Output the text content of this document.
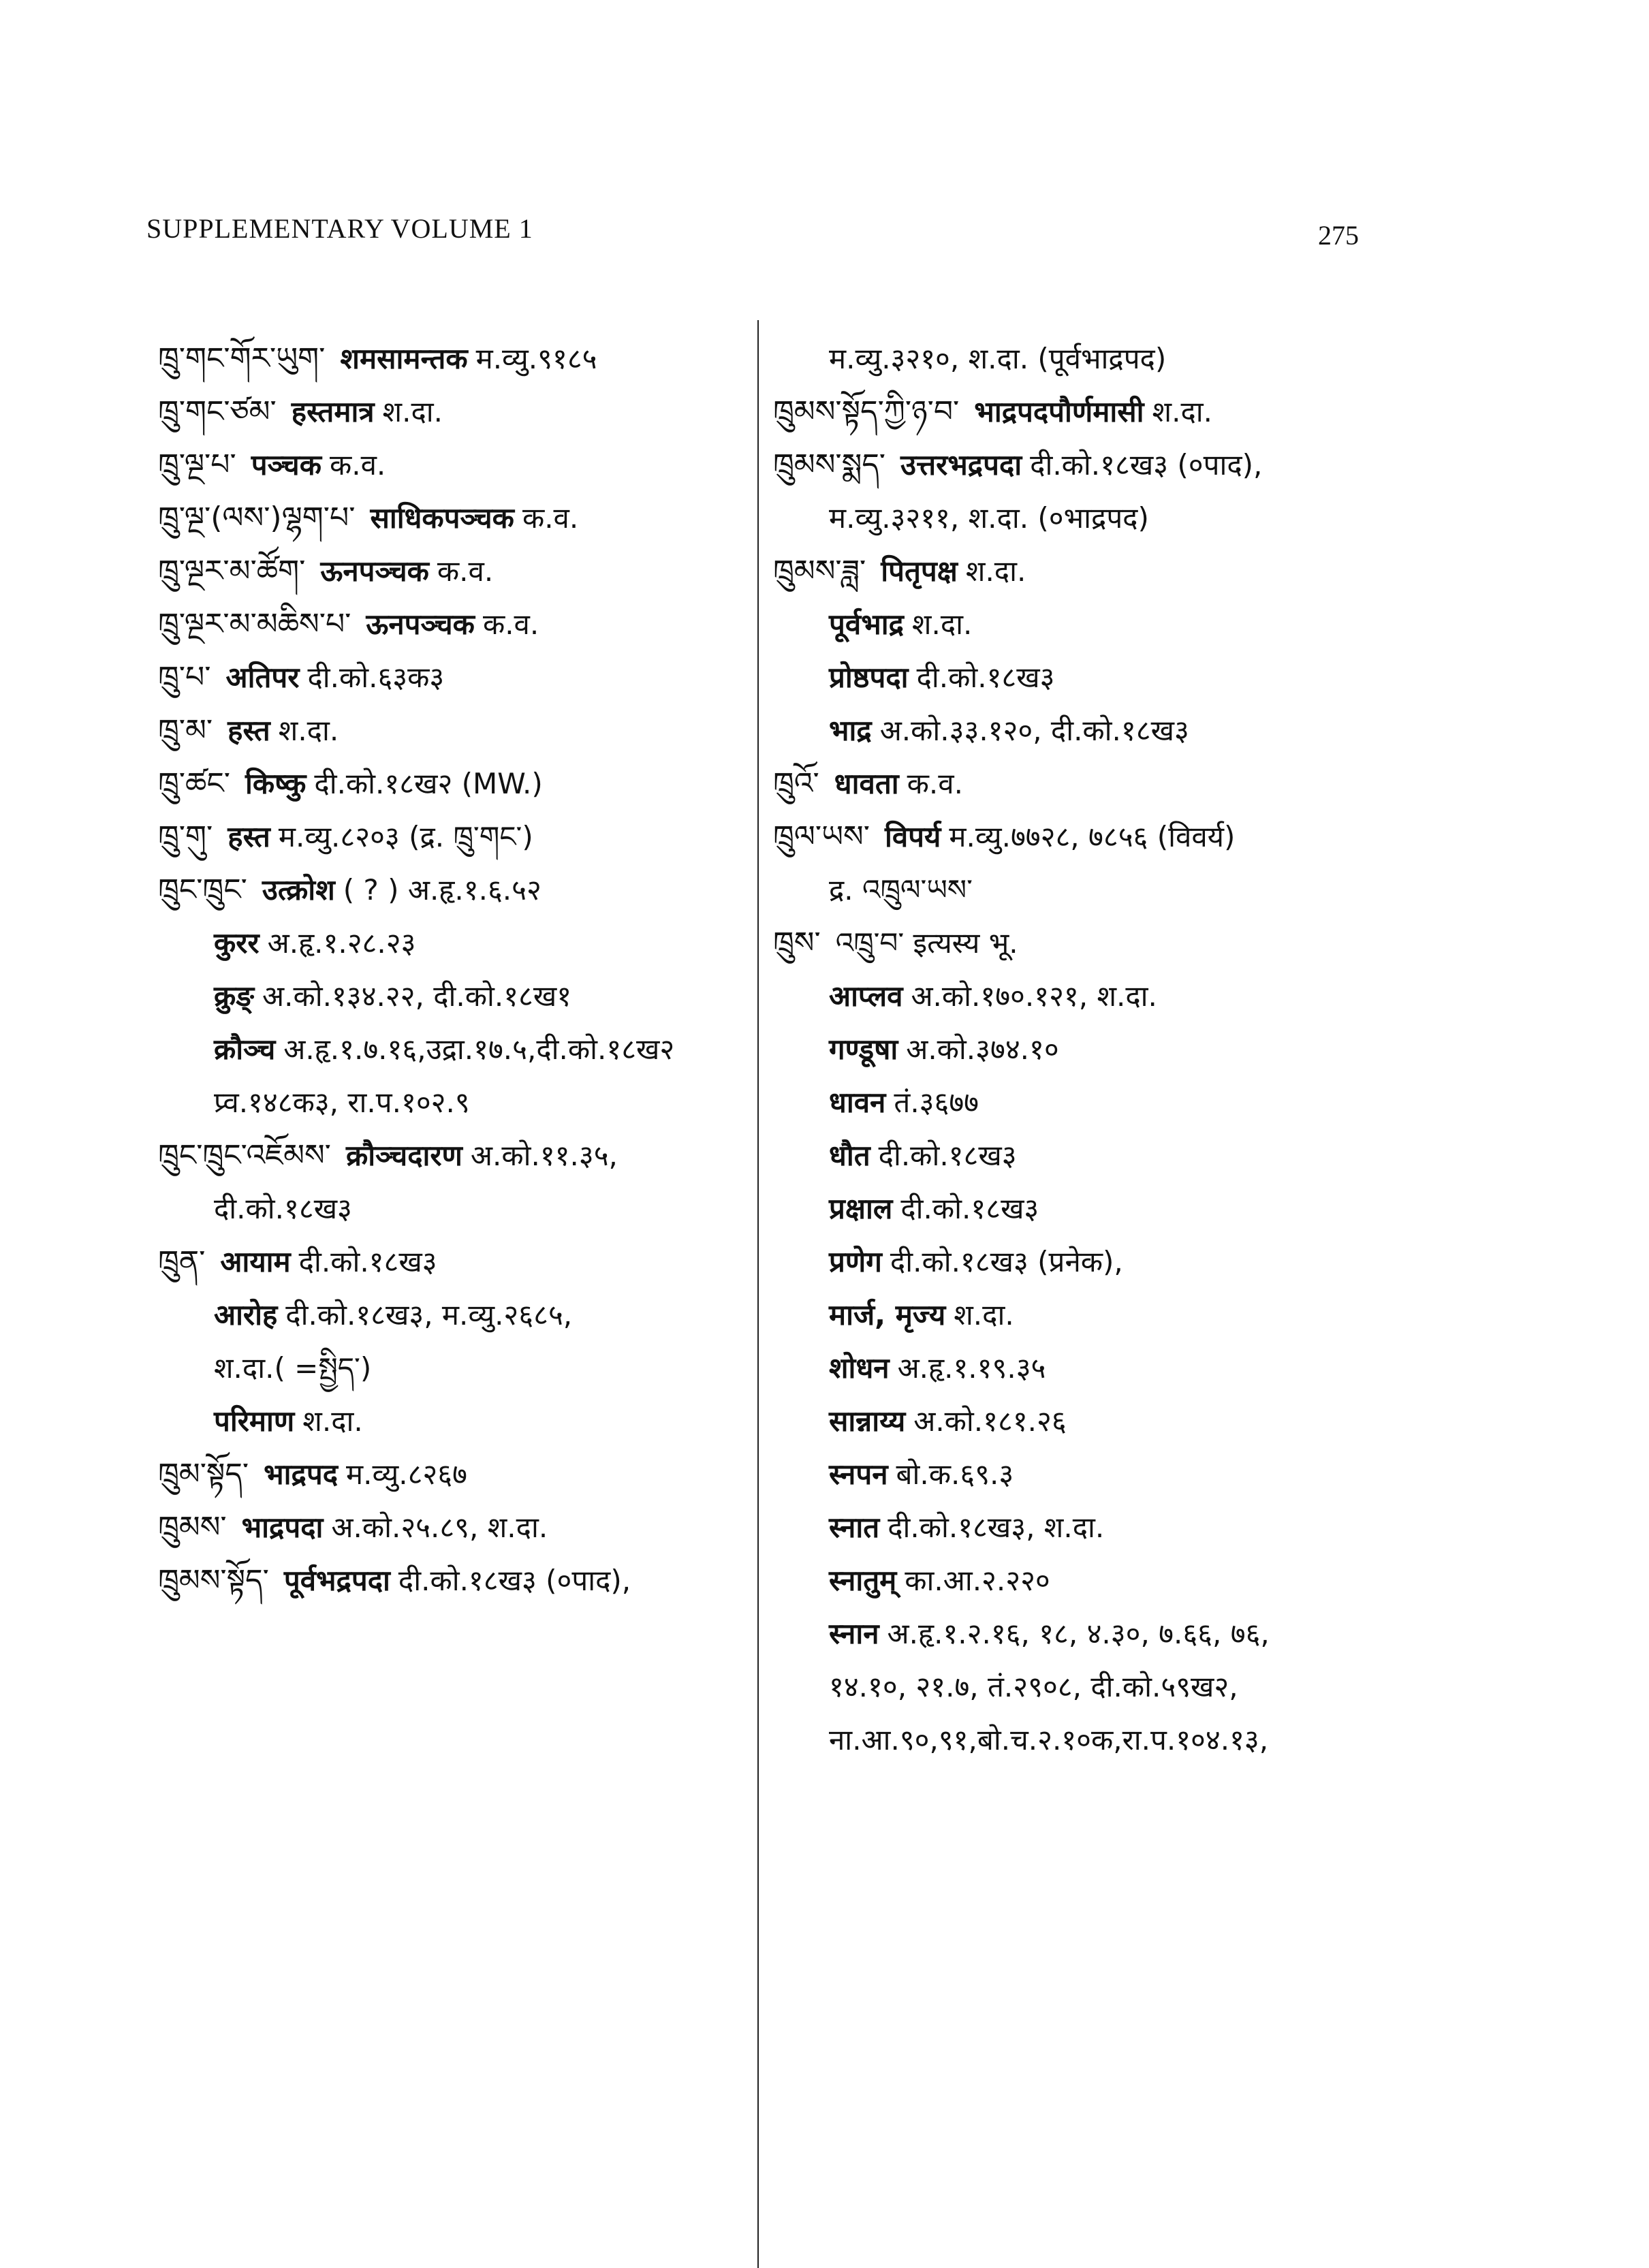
SUPPLEMENTARY VOLUME 1	275
ཁྲུ་གང་གོར་ཡུག་ शमसामन्तक म.व्यु.९१८५
ཁྲུ་གང་ཙམ་ हस्तमात्र श.दा.
ཁྲུ་ལྔ་པ་ पञ्चक क.व.
ཁྲུ་ལྔ་(ལས་)ལྷག་པ་ साधिकपञ्चक क.व.
ཁྲུ་ལྔར་མ་ཚོག་ ऊनपञ्चक क.व.
ཁྲུ་ལྔར་མ་མཆིས་པ་ ऊनपञ्चक क.व.
ཁྲུ་པ་ अतिपर दी.को.६३क३
ཁྲུ་མ་ हस्त श.दा.
ཁྲུ་ཚང་ किष्कु दी.को.१८ख२ (MW.)
ཁྲུ་གུ་ हस्त म.व्यु.८२०३ (द्र. ཁྲུ་གང་)
ཁྲུང་ཁྲུང་ उत्क्रोश ( ? ) अ.हृ.१.६.५२
कुरर अ.हृ.१.२८.२३
क्रुङ् अ.को.१३४.२२, दी.को.१८ख१
क्रौञ्च अ.हृ.१.७.१६,उद्रा.१७.५,दी.को.१८ख२
प्र्व.१४८क३, रा.प.१०२.९
ཁྲུང་ཁྲུང་འཇོམས་ क्रौञ्चदारण अ.को.११.३५,
दी.को.१८ख३
ཁྲུན་ आयाम दी.को.१८ख३
आरोह दी.को.१८ख३, म.व्यु.२६८५,
श.दा.( =སྤྱིད་)
परिमाण श.दा.
ཁྲུམ་སྟོད་ भाद्रपद म.व्यु.८२६७
ཁྲུམས་ भाद्रपदा अ.को.२५.८९, श.दा.
ཁྲུམས་སྟོད་ पूर्वभद्रपदा दी.को.१८ख३ (०पाद),
म.व्यु.३२१०, श.दा. (पूर्वभाद्रपद)
ཁྲུམས་སྟོད་ཀྱི་ཉ་བ་ भाद्रपदपौर्णमासी श.दा.
ཁྲུམས་སྨད་ उत्तरभद्रपदा दी.को.१८ख३ (०पाद),
म.व्यु.३२११, श.दा. (०भाद्रपद)
ཁྲུམས་ཟླ་ पितृपक्ष श.दा.
पूर्वभाद्र श.दा.
प्रोष्ठपदा दी.को.१८ख३
भाद्र अ.को.३३.१२०, दी.को.१८ख३
ཁྲུའོ་ धावता क.व.
ཁྲུལ་ཡས་ विपर्य म.व्यु.७७२८, ७८५६ (विवर्य)
द्र. འཁྲུལ་ཡས་
ཁྲུས་ འཁྲུ་བ་ इत्यस्य भू.
आप्लव अ.को.१७०.१२१, श.दा.
गण्डूषा अ.को.३७४.१०
धावन तं.३६७७
धौत दी.को.१८ख३
प्रक्षाल दी.को.१८ख३
प्रणेग दी.को.१८ख३ (प्रनेक),
मार्ज, मृज्य श.दा.
शोधन अ.हृ.१.१९.३५
सान्नाय्य अ.को.१८१.२६
स्नपन बो.क.६९.३
स्नात दी.को.१८ख३, श.दा.
स्नातुम् का.आ.२.२२०
स्नान अ.हृ.१.२.१६, १८, ४.३०, ७.६६, ७६,
१४.१०, २१.७, तं.२९०८, दी.को.५९ख२,
ना.आ.९०,९१,बो.च.२.१०क,रा.प.१०४.१३,
